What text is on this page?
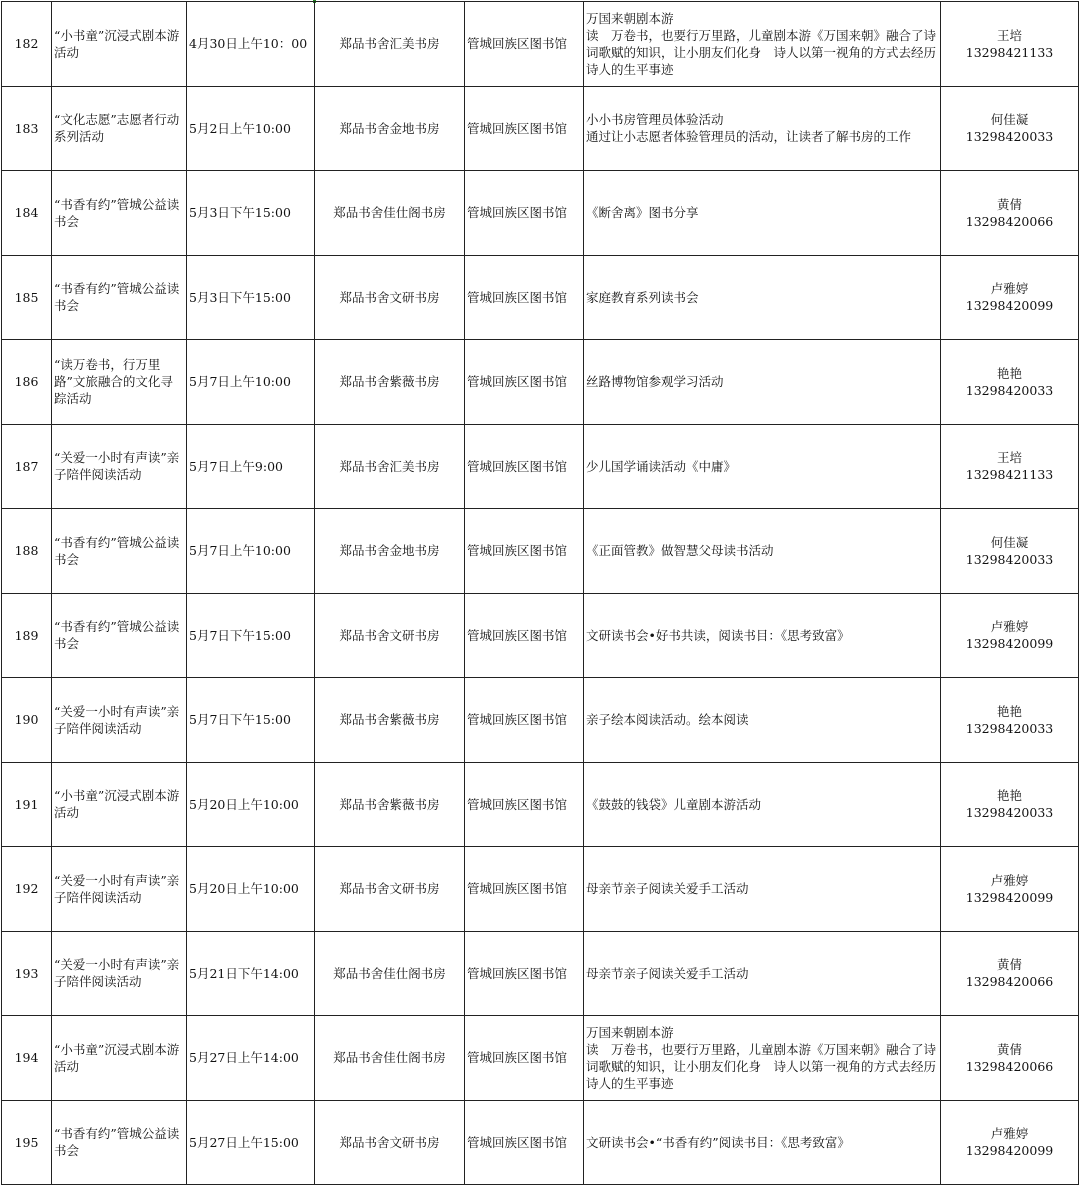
182	“小书童”沉浸式剧本游活动	4月30日上午10：00	郑品书舍汇美书房	管城回族区图书馆	万国来朝剧本游
读　万卷书，也要行万里路，儿童剧本游《万国来朝》融合了诗词歌赋的知识，让小朋友们化身　诗人以第一视角的方式去经历诗人的生平事迹	王培
13298421133

183	“文化志愿”志愿者行动系列活动	5月2日上午10:00	郑品书舍金地书房	管城回族区图书馆	小小书房管理员体验活动
通过让小志愿者体验管理员的活动，让读者了解书房的工作	何佳凝
13298420033

184	“书香有约”管城公益读书会	5月3日下午15:00	郑品书舍佳仕阁书房	管城回族区图书馆	《断舍离》图书分享	黄倩
13298420066

185	“书香有约”管城公益读书会	5月3日下午15:00	郑品书舍文研书房	管城回族区图书馆	家庭教育系列读书会	卢雅婷
13298420099

186	“读万卷书，行万里路”文旅融合的文化寻踪活动	5月7日上午10:00	郑品书舍紫薇书房	管城回族区图书馆	丝路博物馆参观学习活动	艳艳
13298420033

187	“关爱一小时有声读”亲子陪伴阅读活动	5月7日上午9:00	郑品书舍汇美书房	管城回族区图书馆	少儿国学诵读活动《中庸》	王培
13298421133

188	“书香有约”管城公益读书会	5月7日上午10:00	郑品书舍金地书房	管城回族区图书馆	《正面管教》做智慧父母读书活动	何佳凝
13298420033

189	“书香有约”管城公益读书会	5月7日下午15:00	郑品书舍文研书房	管城回族区图书馆	文研读书会•好书共读，阅读书目：《思考致富》	卢雅婷
13298420099

190	“关爱一小时有声读”亲子陪伴阅读活动	5月7日下午15:00	郑品书舍紫薇书房	管城回族区图书馆	亲子绘本阅读活动。绘本阅读	艳艳
13298420033

191	“小书童”沉浸式剧本游活动	5月20日上午10:00	郑品书舍紫薇书房	管城回族区图书馆	《鼓鼓的钱袋》儿童剧本游活动	艳艳
13298420033

192	“关爱一小时有声读”亲子陪伴阅读活动	5月20日上午10:00	郑品书舍文研书房	管城回族区图书馆	母亲节亲子阅读关爱手工活动	卢雅婷
13298420099

193	“关爱一小时有声读”亲子陪伴阅读活动	5月21日下午14:00	郑品书舍佳仕阁书房	管城回族区图书馆	母亲节亲子阅读关爱手工活动	黄倩
13298420066

194	“小书童”沉浸式剧本游活动	5月27日上午14:00	郑品书舍佳仕阁书房	管城回族区图书馆	万国来朝剧本游
读　万卷书，也要行万里路，儿童剧本游《万国来朝》融合了诗词歌赋的知识，让小朋友们化身　诗人以第一视角的方式去经历诗人的生平事迹	黄倩
13298420066

195	“书香有约”管城公益读书会	5月27日上午15:00	郑品书舍文研书房	管城回族区图书馆	文研读书会•“书香有约”阅读书目：《思考致富》	卢雅婷
13298420099
